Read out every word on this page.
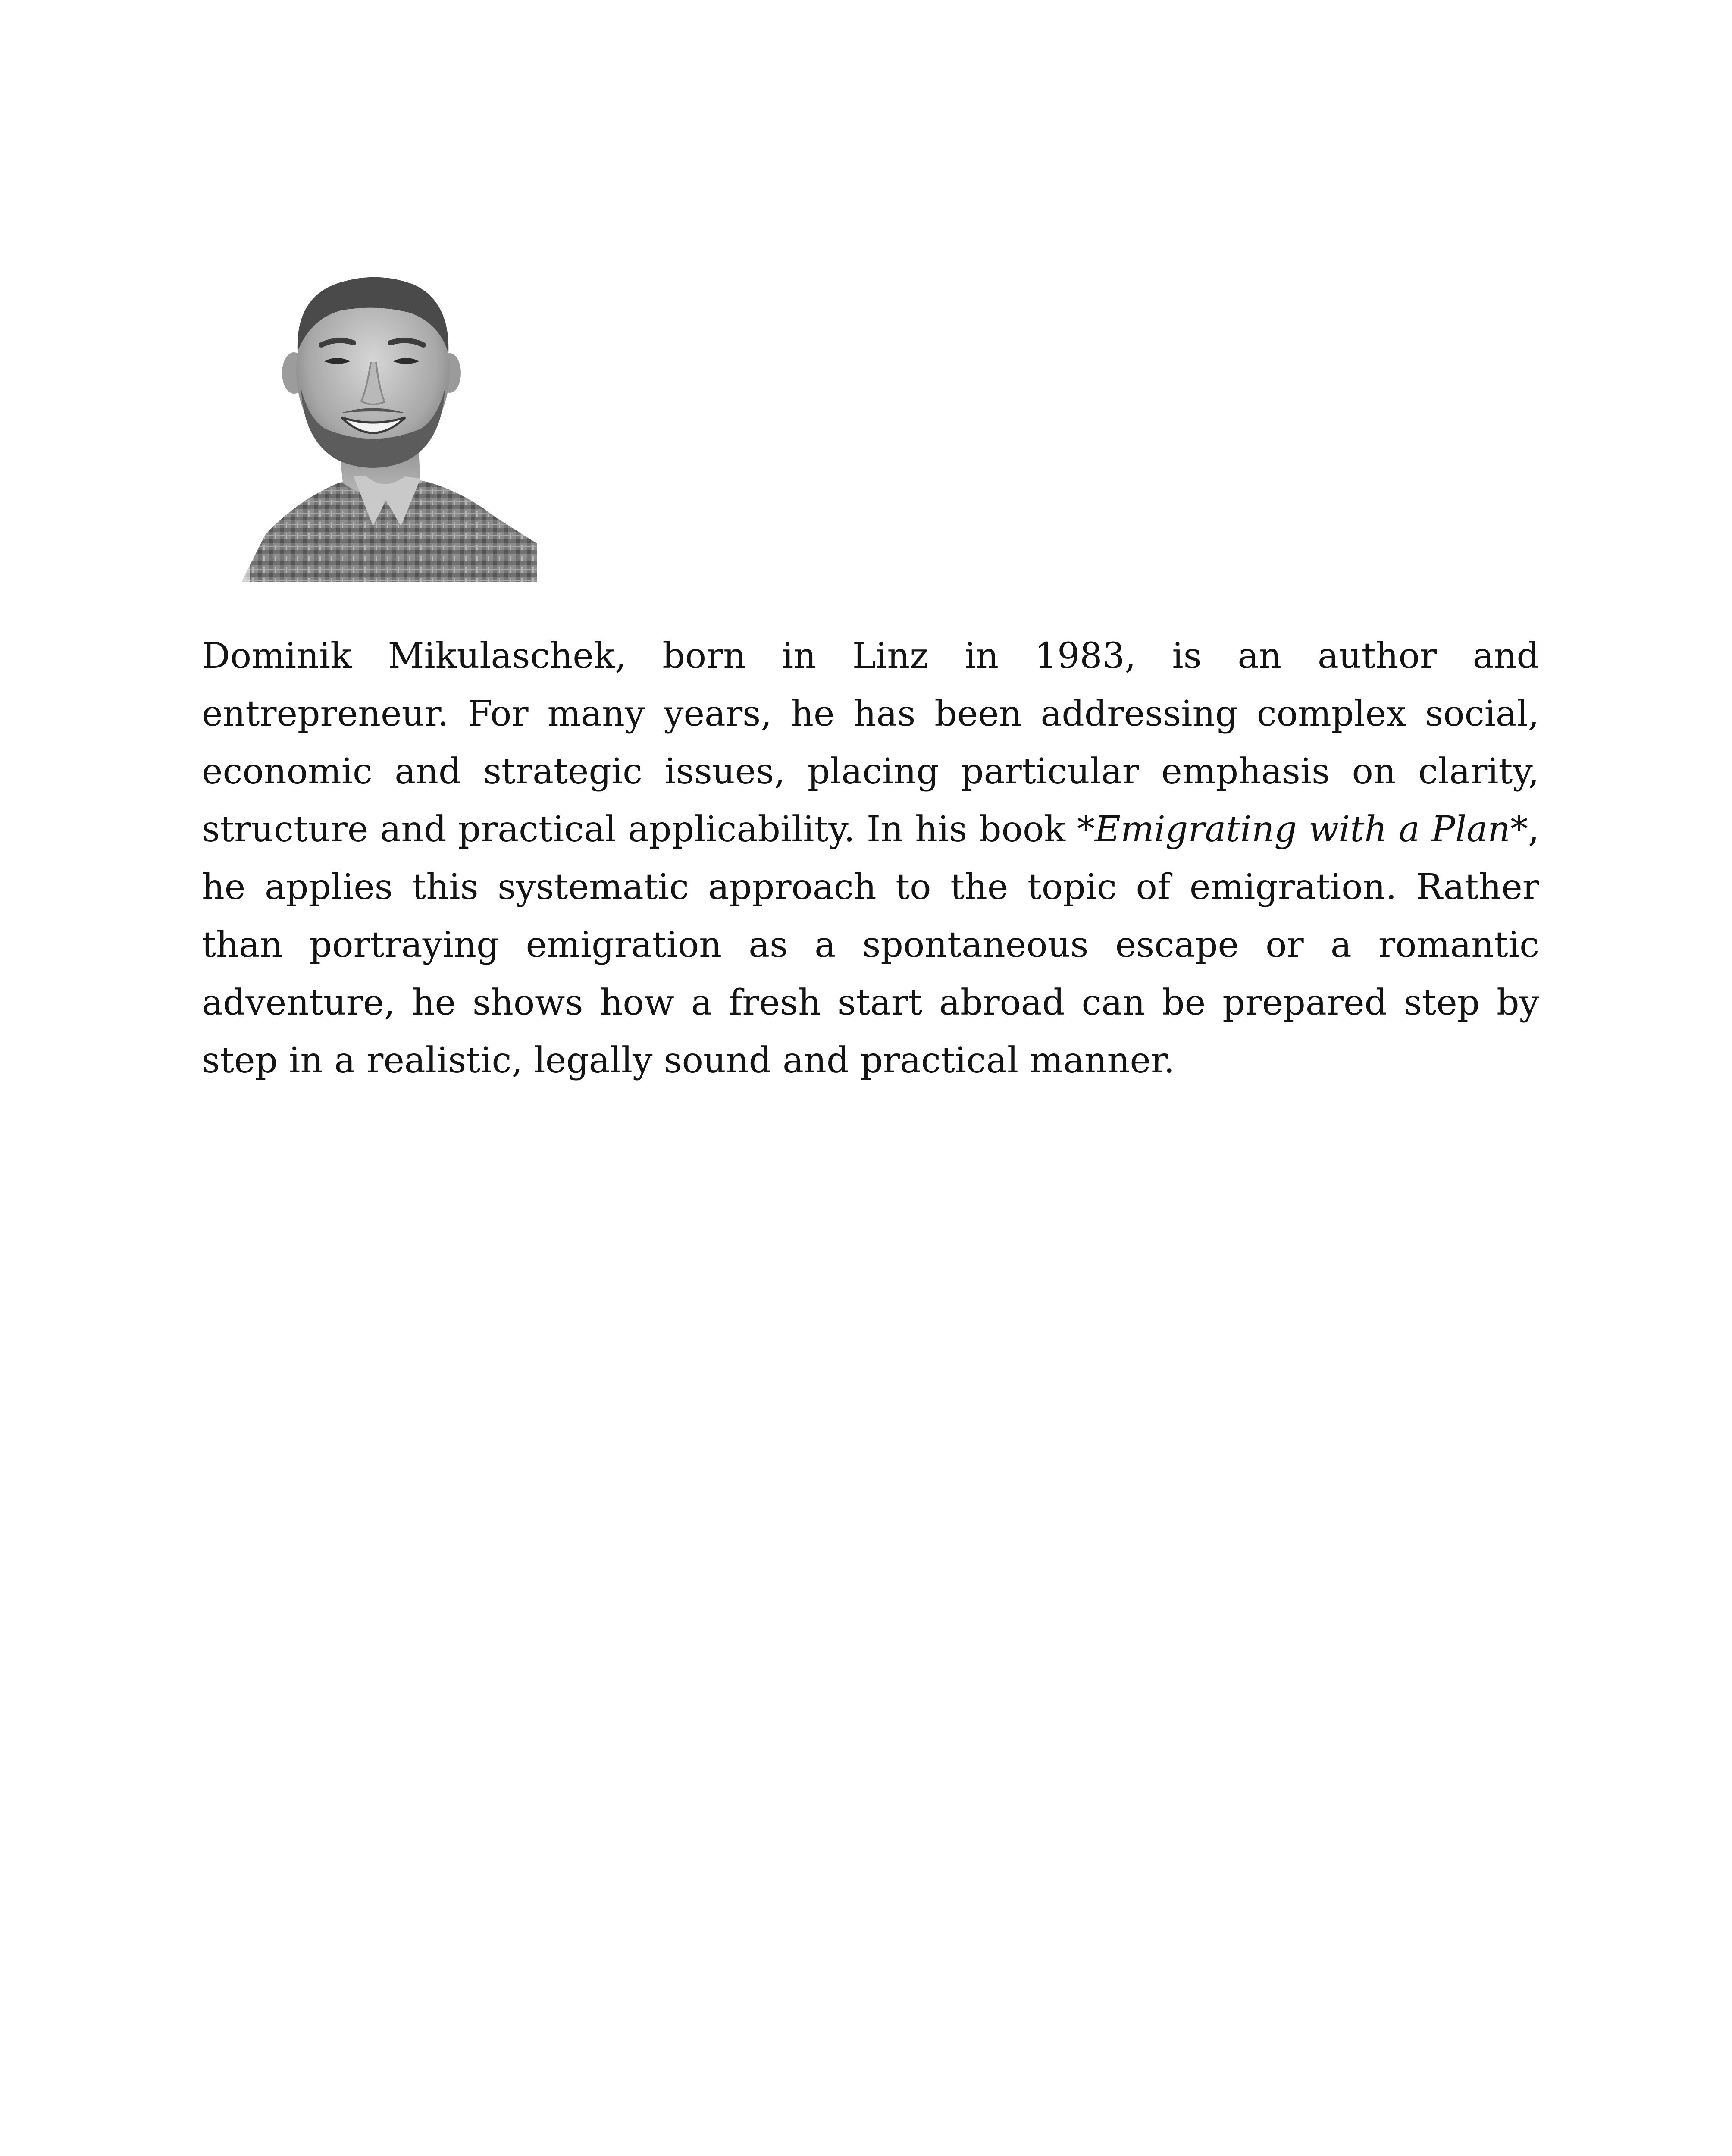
Dominik Mikulaschek, born in Linz in 1983, is an author and entrepreneur. For many years, he has been addressing complex social, economic and strategic issues, placing particular emphasis on clarity, structure and practical applicability. In his book *Emigrating with a Plan*, he applies this systematic approach to the topic of emigration. Rather than portraying emigration as a spontaneous escape or a romantic adventure, he shows how a fresh start abroad can be prepared step by step in a realistic, legally sound and practical manner.
